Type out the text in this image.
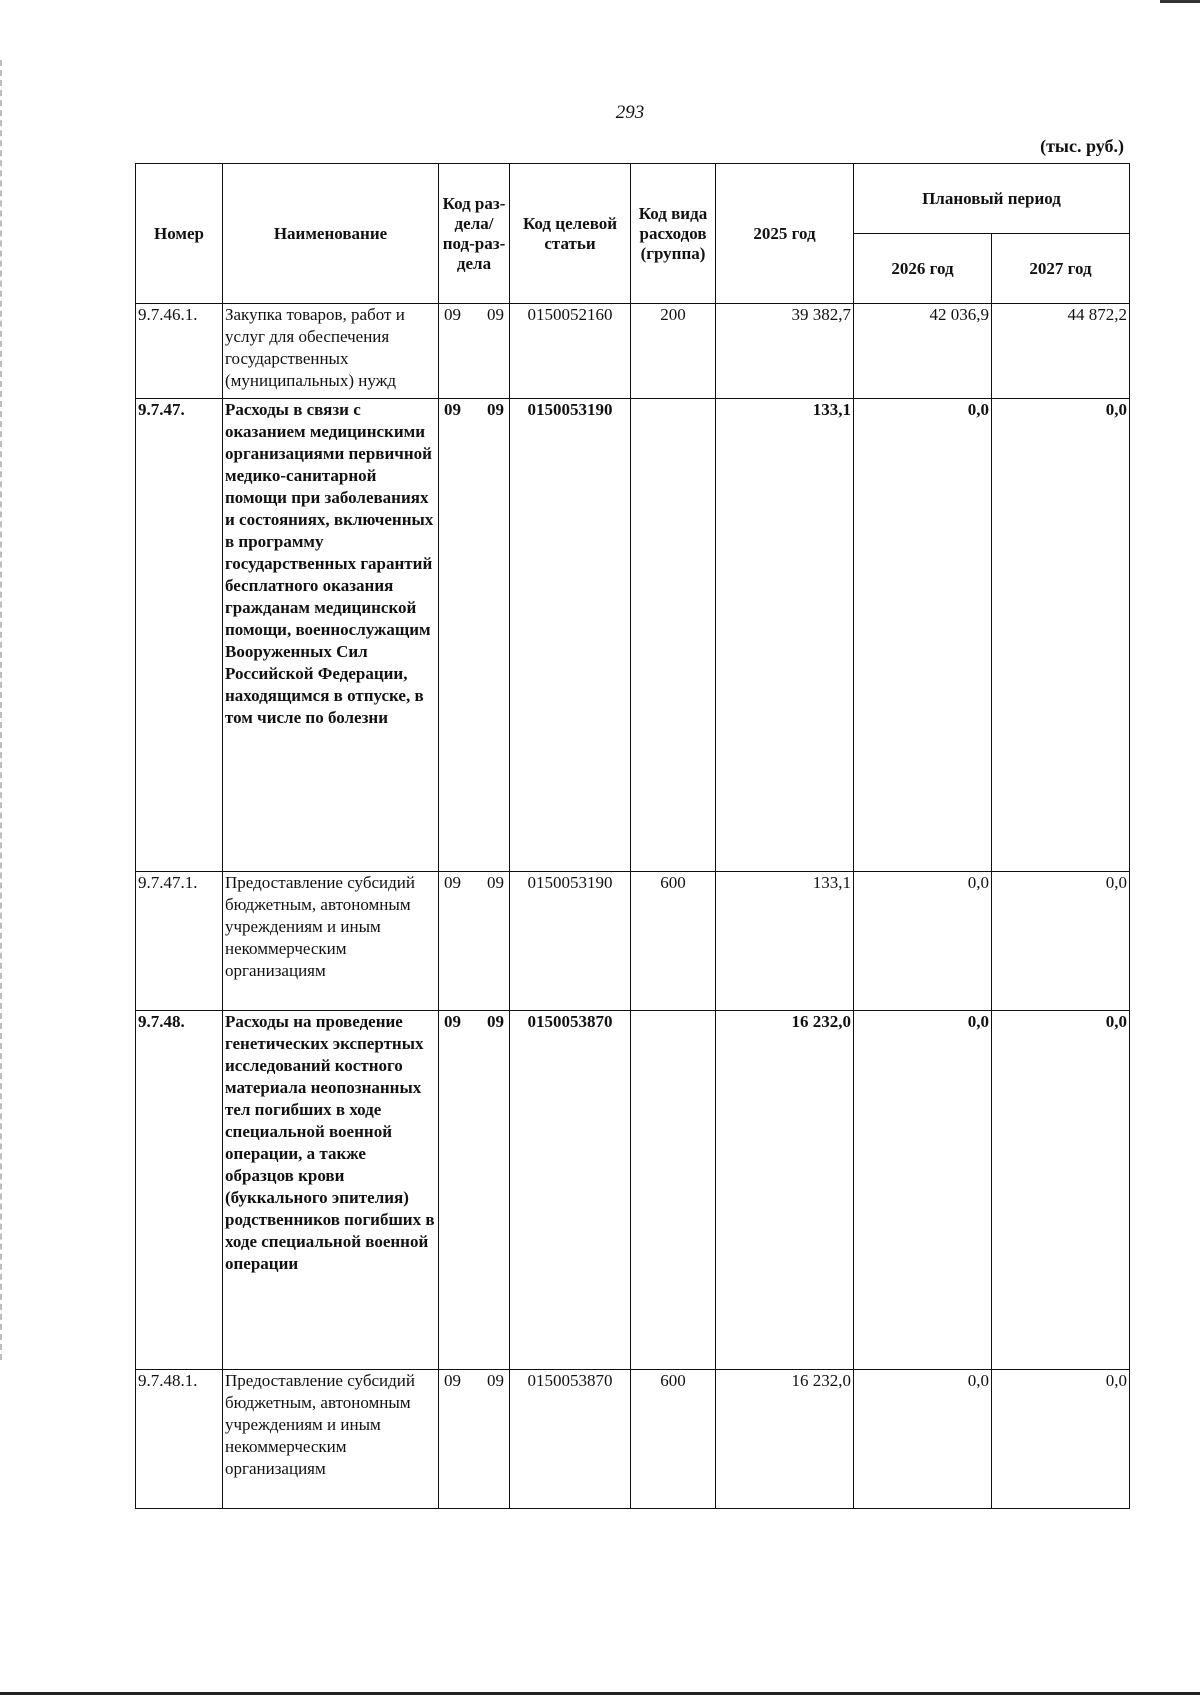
293
(тыс. руб.)
Номер	Наименование	Код раз-дела/ под-раз-дела	Код целевой статьи	Код вида расходов (группа)	2025 год	Плановый период	
						2026 год	2027 год
9.7.46.1.	Закупка товаров, работ и услуг для обеспечения государственных (муниципальных) нужд	09 09	0150052160	200	39 382,7	42 036,9	44 872,2
9.7.47.	Расходы в связи с оказанием медицинскими организациями первичной медико-санитарной помощи при заболеваниях и состояниях, включенных в программу государственных гарантий бесплатного оказания гражданам медицинской помощи, военнослужащим Вооруженных Сил Российской Федерации, находящимся в отпуске, в том числе по болезни	09 09	0150053190		133,1	0,0	0,0
9.7.47.1.	Предоставление субсидий бюджетным, автономным учреждениям и иным некоммерческим организациям	09 09	0150053190	600	133,1	0,0	0,0
9.7.48.	Расходы на проведение генетических экспертных исследований костного материала неопознанных тел погибших в ходе специальной военной операции, а также образцов крови (буккального эпителия) родственников погибших в ходе специальной военной операции	09 09	0150053870		16 232,0	0,0	0,0
9.7.48.1.	Предоставление субсидий бюджетным, автономным учреждениям и иным некоммерческим организациям	09 09	0150053870	600	16 232,0	0,0	0,0
